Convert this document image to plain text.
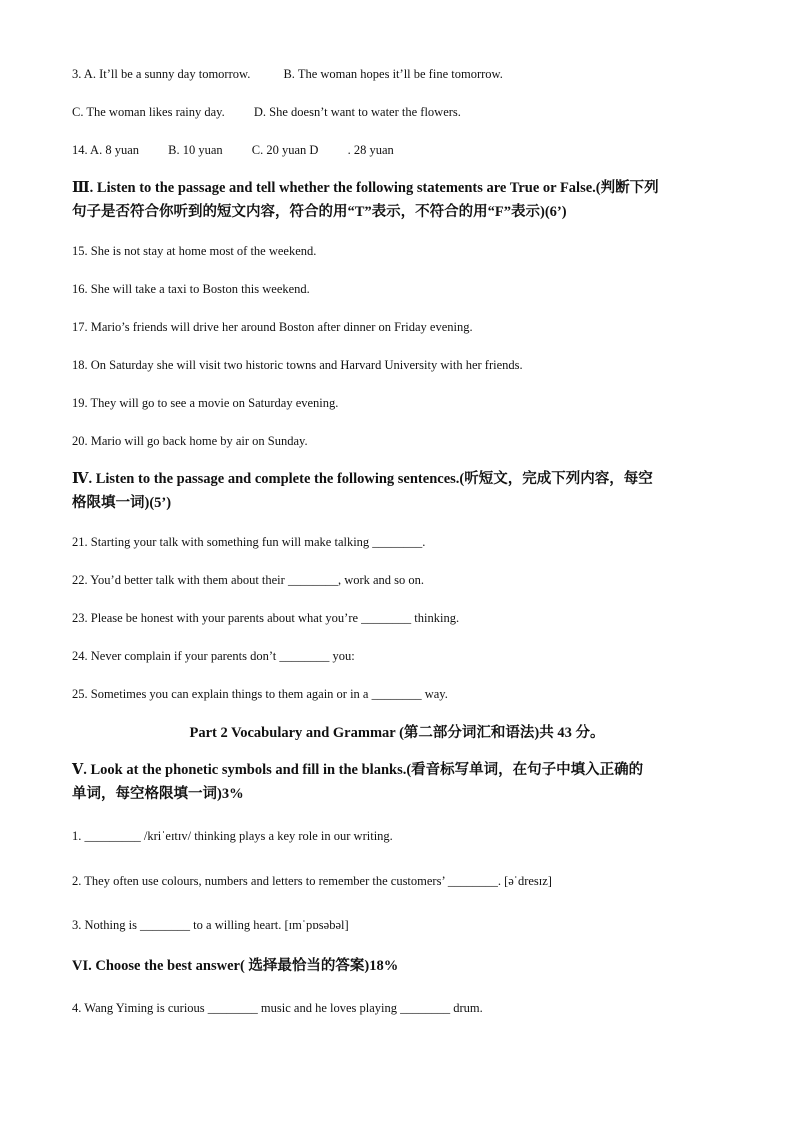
3. A. It’ll be a sunny day tomorrow.	B. The woman hopes it’ll be fine tomorrow.

C. The woman likes rainy day. D. She doesn’t want to water the flowers.

14. A. 8 yuan B. 10 yuan C. 20 yuan D . 28 yuan

Ⅲ. Listen to the passage and tell whether the following statements are True or False.(判断下列
句子是否符合你听到的短文内容，符合的用“T”表示，不符合的用“F”表示)(6’)

15. She is not stay at home most of the weekend.

16. She will take a taxi to Boston this weekend.

17. Mario’s friends will drive her around Boston after dinner on Friday evening.

18. On Saturday she will visit two historic towns and Harvard University with her friends.

19. They will go to see a movie on Saturday evening.

20. Mario will go back home by air on Sunday.

Ⅳ. Listen to the passage and complete the following sentences.(听短文，完成下列内容，每空
格限填一词)(5’)

21. Starting your talk with something fun will make talking ________.

22. You’d better talk with them about their ________, work and so on.

23. Please be honest with your parents about what you’re ________ thinking.

24. Never complain if your parents don’t ________ you:

25. Sometimes you can explain things to them again or in a ________ way.

Part 2 Vocabulary and Grammar (第二部分词汇和语法)共 43 分。

Ⅴ. Look at the phonetic symbols and fill in the blanks.(看音标写单词，在句子中填入正确的
单词，每空格限填一词)3%

1. _________ /kriˈeɪtɪv/ thinking plays a key role in our writing.

2. They often use colours, numbers and letters to remember the customers’ ________. [əˈdresɪz]

3. Nothing is ________ to a willing heart. [ɪmˈpɒsəbəl]

VI. Choose the best answer( 选择最恰当的答案)18%

4. Wang Yiming is curious ________ music and he loves playing ________ drum.
